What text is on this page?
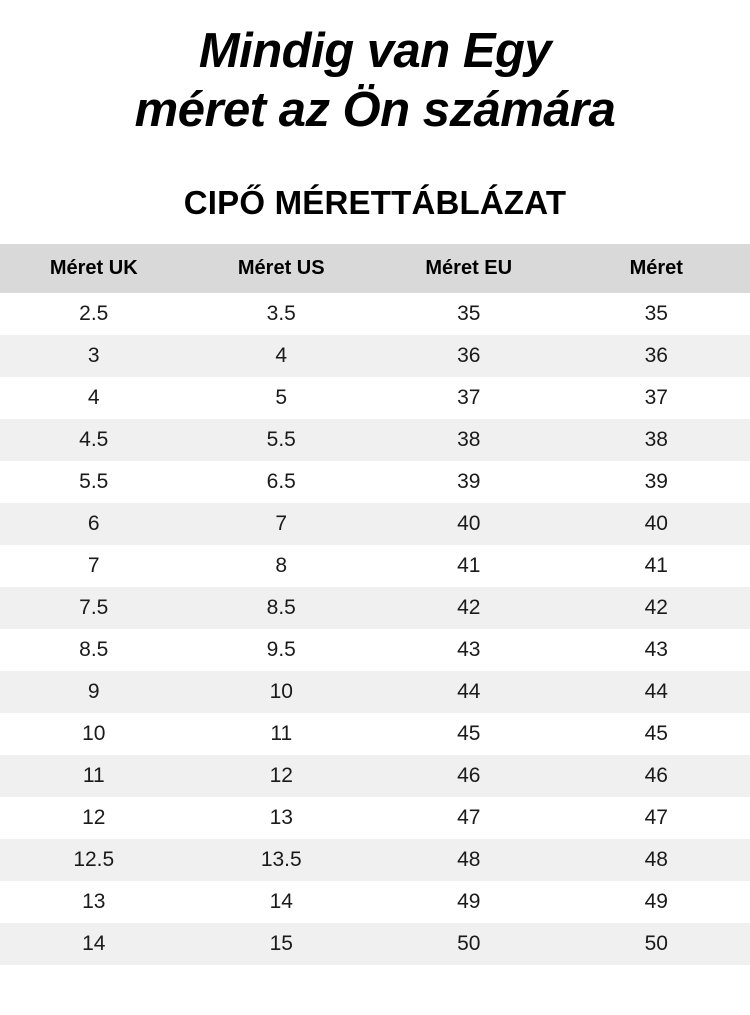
Mindig van Egy
méret az Ön számára
CIPŐ MÉRETTÁBLÁZAT
Méret UK	Méret US	Méret EU	Méret
2.5	3.5	35	35
3	4	36	36
4	5	37	37
4.5	5.5	38	38
5.5	6.5	39	39
6	7	40	40
7	8	41	41
7.5	8.5	42	42
8.5	9.5	43	43
9	10	44	44
10	11	45	45
11	12	46	46
12	13	47	47
12.5	13.5	48	48
13	14	49	49
14	15	50	50
